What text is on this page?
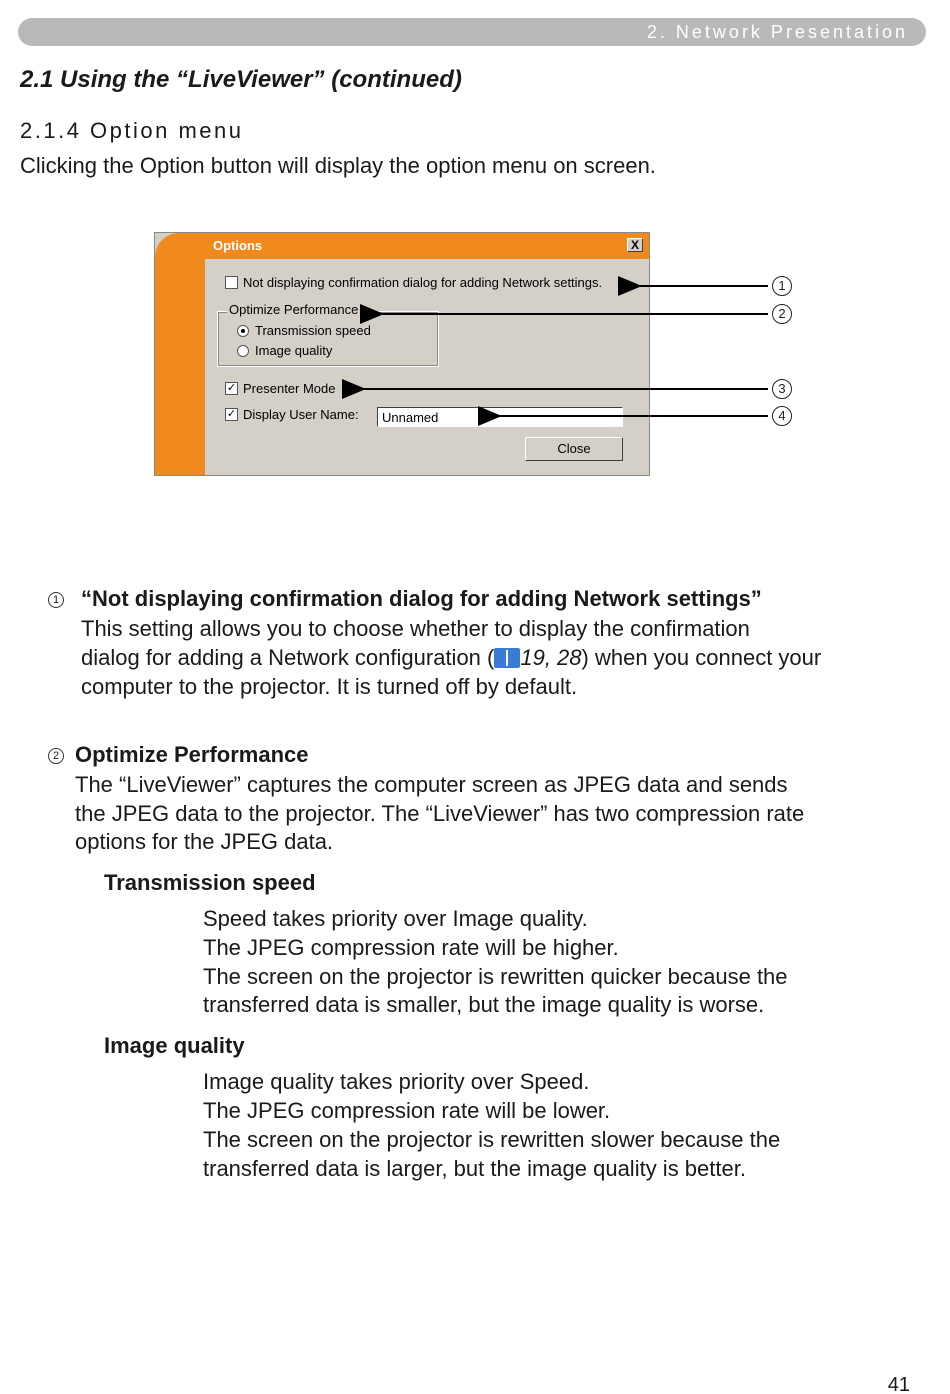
2. Network Presentation
2.1 Using the “LiveViewer” (continued)
2.1.4 Option menu
Clicking the Option button will display the option menu on screen.
Options	X
Not displaying confirmation dialog for adding Network settings.
Optimize Performance
Transmission speed
Image quality
✓ Presenter Mode
✓ Display User Name:	Unnamed
Close
1
2
3
4
1 “Not displaying confirmation dialog for adding Network settings”
This setting allows you to choose whether to display the confirmation
dialog for adding a Network configuration ( 19, 28) when you connect your
computer to the projector. It is turned off by default.
2 Optimize Performance
The “LiveViewer” captures the computer screen as JPEG data and sends
the JPEG data to the projector. The “LiveViewer” has two compression rate
options for the JPEG data.
Transmission speed
Speed takes priority over Image quality.
The JPEG compression rate will be higher.
The screen on the projector is rewritten quicker because the
transferred data is smaller, but the image quality is worse.
Image quality
Image quality takes priority over Speed.
The JPEG compression rate will be lower.
The screen on the projector is rewritten slower because the
transferred data is larger, but the image quality is better.
41
